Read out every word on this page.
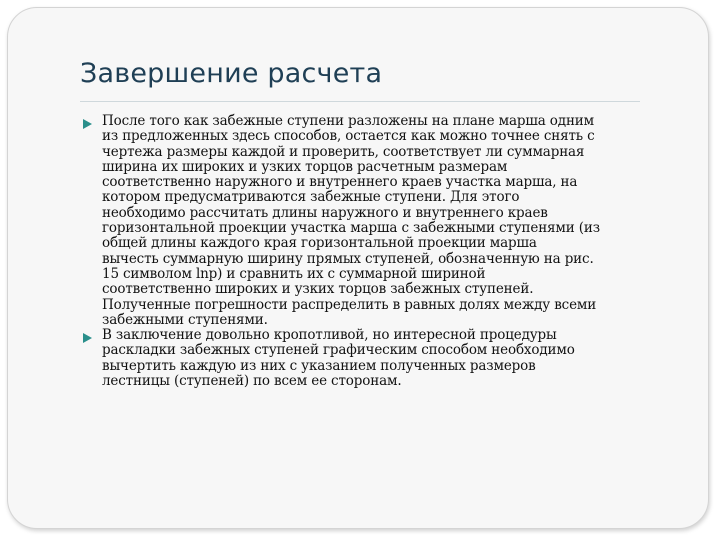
Завершение расчета
После того как забежные ступени разложены на плане марша одним
из предложенных здесь способов, остается как можно точнее снять с
чертежа размеры каждой и проверить, соответствует ли суммарная
ширина их широких и узких торцов расчетным размерам
соответственно наружного и внутреннего краев участка марша, на
котором предусматриваются забежные ступени. Для этого
необходимо рассчитать длины наружного и внутреннего краев
горизонтальной проекции участка марша с забежными ступенями (из
общей длины каждого края горизонтальной проекции марша
вычесть суммарную ширину прямых ступеней, обозначенную на рис.
15 символом lnp) и сравнить их с суммарной шириной
соответственно широких и узких торцов забежных ступеней.
Полученные погрешности распределить в равных долях между всеми
забежными ступенями.
В заключение довольно кропотливой, но интересной процедуры
раскладки забежных ступеней графическим способом необходимо
вычертить каждую из них с указанием полученных размеров
лестницы (ступеней) по всем ее сторонам.
